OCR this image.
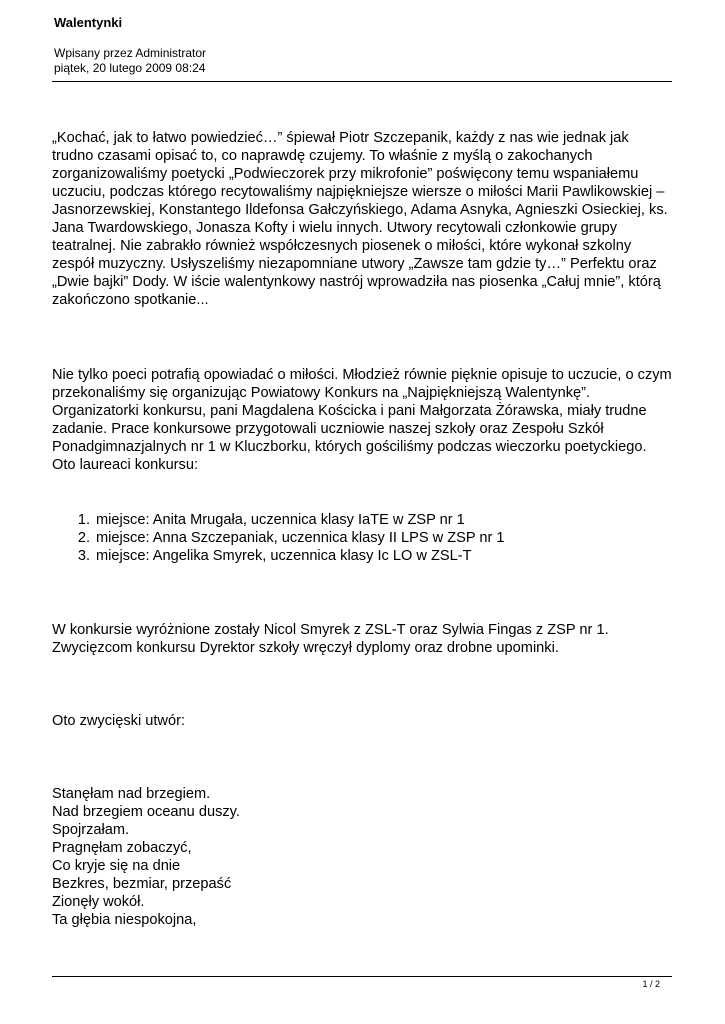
Walentynki
Wpisany przez Administrator
piątek, 20 lutego 2009 08:24

„Kochać, jak to łatwo powiedzieć…” śpiewał Piotr Szczepanik, każdy z nas wie jednak jak
trudno czasami opisać to, co naprawdę czujemy. To właśnie z myślą o zakochanych
zorganizowaliśmy poetycki „Podwieczorek przy mikrofonie” poświęcony temu wspaniałemu
uczuciu, podczas którego recytowaliśmy najpiękniejsze wiersze o miłości Marii Pawlikowskiej –
Jasnorzewskiej, Konstantego Ildefonsa Gałczyńskiego, Adama Asnyka, Agnieszki Osieckiej, ks.
Jana Twardowskiego, Jonasza Kofty i wielu innych. Utwory recytowali członkowie grupy
teatralnej. Nie zabrakło również współczesnych piosenek o miłości, które wykonał szkolny
zespół muzyczny. Usłyszeliśmy niezapomniane utwory „Zawsze tam gdzie ty…” Perfektu oraz
„Dwie bajki” Dody. W iście walentynkowy nastrój wprowadziła nas piosenka „Całuj mnie”, którą
zakończono spotkanie...

Nie tylko poeci potrafią opowiadać o miłości. Młodzież równie pięknie opisuje to uczucie, o czym
przekonaliśmy się organizując Powiatowy Konkurs na „Najpiękniejszą Walentynkę”.
Organizatorki konkursu, pani Magdalena Kościcka i pani Małgorzata Żórawska, miały trudne
zadanie. Prace konkursowe przygotowali uczniowie naszej szkoły oraz Zespołu Szkół
Ponadgimnazjalnych nr 1 w Kluczborku, których gościliśmy podczas wieczorku poetyckiego.
Oto laureaci konkursu:

1. miejsce: Anita Mrugała, uczennica klasy IaTE w ZSP nr 1
2. miejsce: Anna Szczepaniak, uczennica klasy II LPS w ZSP nr 1
3. miejsce: Angelika Smyrek, uczennica klasy Ic LO w ZSL-T

W konkursie wyróżnione zostały Nicol Smyrek z ZSL-T oraz Sylwia Fingas z ZSP nr 1.
Zwycięzcom konkursu Dyrektor szkoły wręczył dyplomy oraz drobne upominki.

Oto zwycięski utwór:

Stanęłam nad brzegiem.
Nad brzegiem oceanu duszy.
Spojrzałam.
Pragnęłam zobaczyć,
Co kryje się na dnie
Bezkres, bezmiar, przepaść
Zionęły wokół.
Ta głębia niespokojna,

1 / 2
